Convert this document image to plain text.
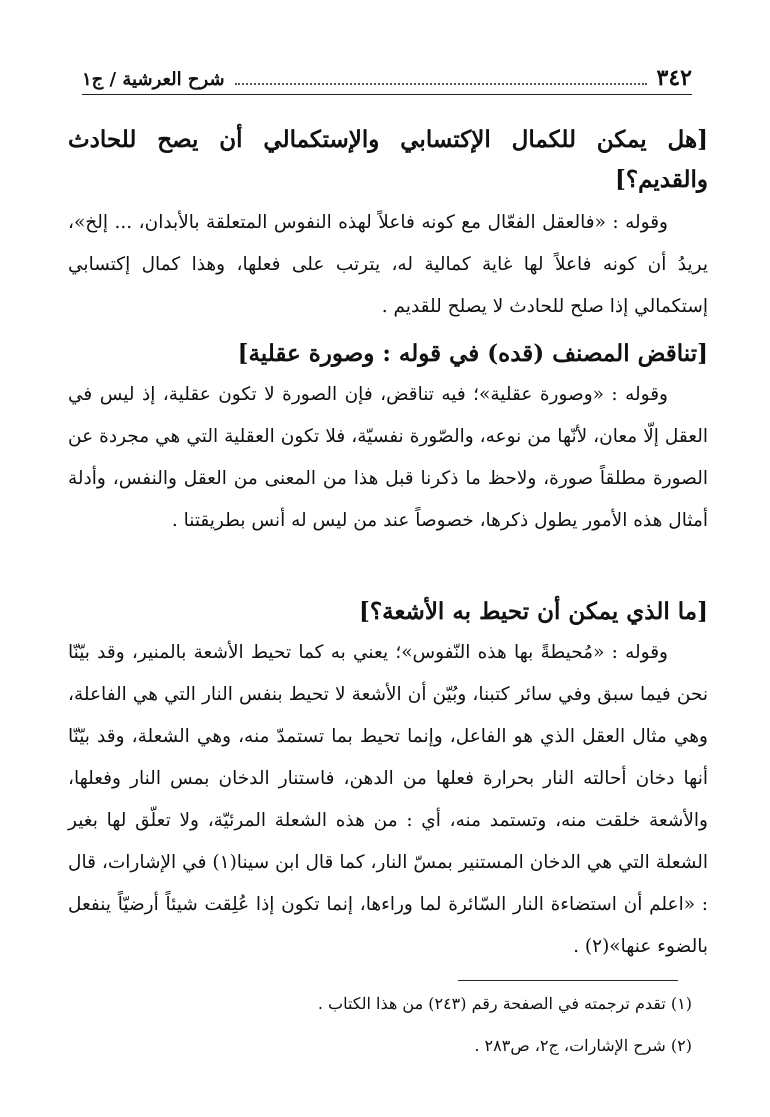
٣٤٢
شرح العرشية / ج١
[هل يمكن للكمال الإكتسابي والإستكمالي أن يصح للحادث والقديم؟]
وقوله : «فالعقل الفعّال مع كونه فاعلاً لهذه النفوس المتعلقة بالأبدان، ... إلخ»، يريدُ أن كونه فاعلاً لها غاية كمالية له، يترتب على فعلها، وهذا كمال إكتسابي إستكمالي إذا صلح للحادث لا يصلح للقديم .
[تناقض المصنف (قده) في قوله : وصورة عقلية]
وقوله : «وصورة عقلية»؛ فيه تناقض، فإن الصورة لا تكون عقلية، إذ ليس في العقل إلّا معان، لأنّها من نوعه، والصّورة نفسيّة، فلا تكون العقلية التي هي مجردة عن الصورة مطلقاً صورة، ولاحظ ما ذكرنا قبل هذا من المعنى من العقل والنفس، وأدلة أمثال هذه الأمور يطول ذكرها، خصوصاً عند من ليس له أنس بطريقتنا .
[ما الذي يمكن أن تحيط به الأشعة؟]
وقوله : «مُحيطةً بها هذه النّفوس»؛ يعني به كما تحيط الأشعة بالمنير، وقد بيّنّا نحن فيما سبق وفي سائر كتبنا، وبُيّن أن الأشعة لا تحيط بنفس النار التي هي الفاعلة، وهي مثال العقل الذي هو الفاعل، وإنما تحيط بما تستمدّ منه، وهي الشعلة، وقد بيّنّا أنها دخان أحالته النار بحرارة فعلها من الدهن، فاستنار الدخان بمس النار وفعلها، والأشعة خلقت منه، وتستمد منه، أي : من هذه الشعلة المرئيّة، ولا تعلّق لها بغير الشعلة التي هي الدخان المستنير بمسّ النار، كما قال ابن سينا(١) في الإشارات، قال : «اعلم أن استضاءة النار السّائرة لما وراءها، إنما تكون إذا عُلِقت شيئاً أرضيّاً ينفعل بالضوء عنها»(٢) .
(١) تقدم ترجمته في الصفحة رقم (٢٤٣) من هذا الكتاب .
(٢) شرح الإشارات، ج٢، ص٢٨٣ .
